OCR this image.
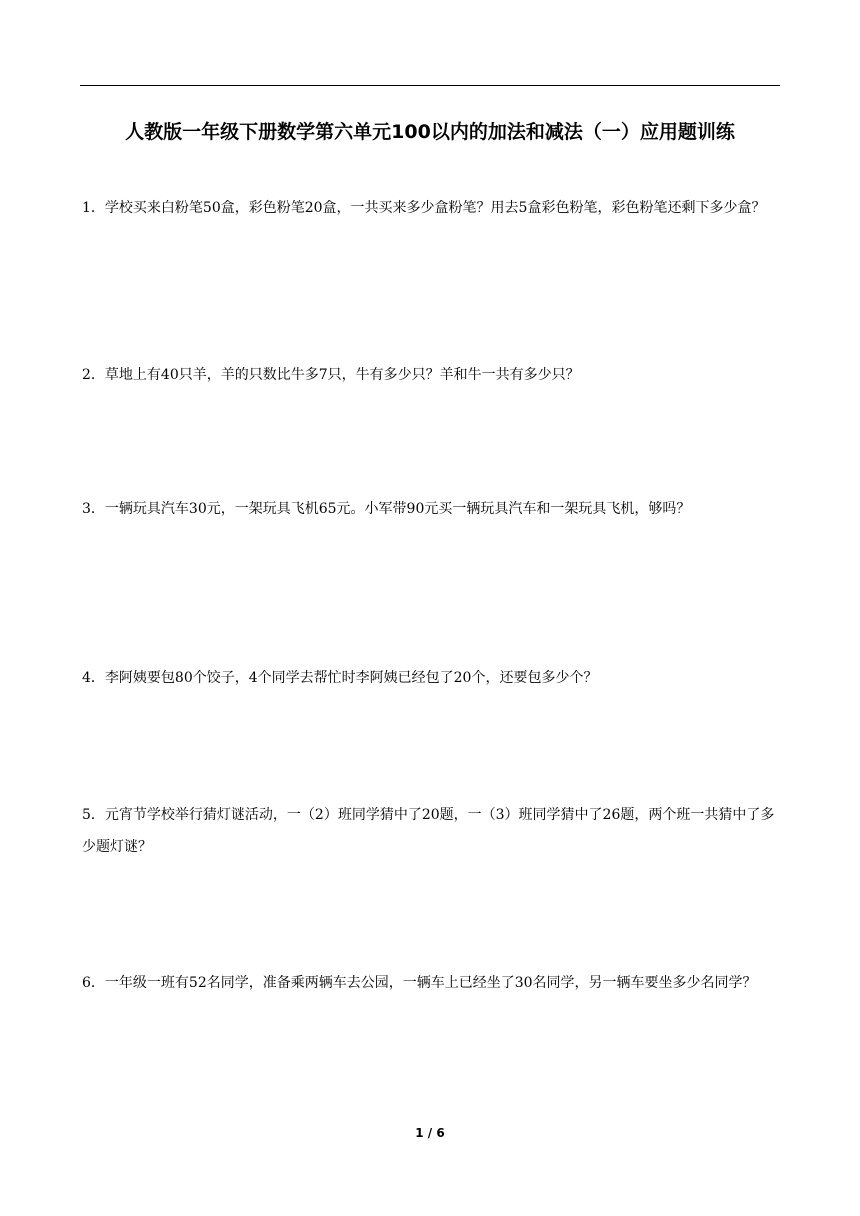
人教版一年级下册数学第六单元100以内的加法和减法（一）应用题训练

1．学校买来白粉笔50盒，彩色粉笔20盒，一共买来多少盒粉笔？用去5盒彩色粉笔，彩色粉笔还剩下多少盒？

2．草地上有40只羊，羊的只数比牛多7只，牛有多少只？羊和牛一共有多少只？

3．一辆玩具汽车30元，一架玩具飞机65元。小军带90元买一辆玩具汽车和一架玩具飞机，够吗？

4．李阿姨要包80个饺子，4个同学去帮忙时李阿姨已经包了20个，还要包多少个？

5．元宵节学校举行猜灯谜活动，一（2）班同学猜中了20题，一（3）班同学猜中了26题，两个班一共猜中了多少题灯谜？

6．一年级一班有52名同学，准备乘两辆车去公园，一辆车上已经坐了30名同学，另一辆车要坐多少名同学？

1 / 6
